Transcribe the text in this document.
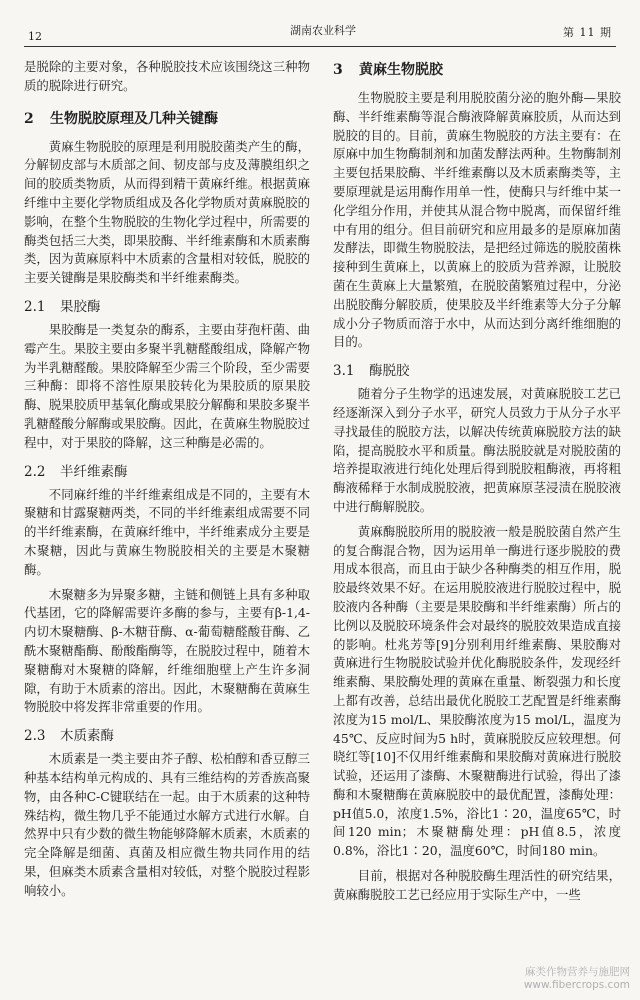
12	湖南农业科学	第 11 期

是脱除的主要对象，各种脱胶技术应该围绕这三种物质的脱除进行研究。

2 生物脱胶原理及几种关键酶

黄麻生物脱胶的原理是利用脱胶菌类产生的酶，分解韧皮部与木质部之间、韧皮部与皮及薄膜组织之间的胶质类物质，从而得到精干黄麻纤维。根据黄麻纤维中主要化学物质组成及各化学物质对黄麻脱胶的影响，在整个生物脱胶的生物化学过程中，所需要的酶类包括三大类，即果胶酶、半纤维素酶和木质素酶类，因为黄麻原料中木质素的含量相对较低，脱胶的主要关键酶是果胶酶类和半纤维素酶类。

2.1 果胶酶

果胶酶是一类复杂的酶系，主要由芽孢杆菌、曲霉产生。果胶主要由多聚半乳糖醛酸组成，降解产物为半乳糖醛酸。果胶降解至少需三个阶段，至少需要三种酶：即将不溶性原果胶转化为果胶质的原果胶酶、脱果胶质甲基氧化酶或果胶分解酶和果胶多聚半乳糖醛酸分解酶或果胶酶。因此，在黄麻生物脱胶过程中，对于果胶的降解，这三种酶是必需的。

2.2 半纤维素酶

不同麻纤维的半纤维素组成是不同的，主要有木聚糖和甘露聚糖两类，不同的半纤维素组成需要不同的半纤维素酶，在黄麻纤维中，半纤维素成分主要是木聚糖，因此与黄麻生物脱胶相关的主要是木聚糖酶。

木聚糖多为异聚多糖，主链和侧链上具有多种取代基团，它的降解需要许多酶的参与，主要有β-1,4-内切木聚糖酶、β-木糖苷酶、α-葡萄糖醛酸苷酶、乙酰木聚糖酯酶、酚酸酯酶等，在脱胶过程中，随着木聚糖酶对木聚糖的降解，纤维细胞壁上产生许多洞隙，有助于木质素的溶出。因此，木聚糖酶在黄麻生物脱胶中将发挥非常重要的作用。

2.3 木质素酶

木质素是一类主要由芥子醇、松柏醇和香豆醇三种基本结构单元构成的、具有三维结构的芳香族高聚物，由各种C-C键联结在一起。由于木质素的这种特殊结构，微生物几乎不能通过水解方式进行水解。自然界中只有少数的微生物能够降解木质素，木质素的完全降解是细菌、真菌及相应微生物共同作用的结果，但麻类木质素含量相对较低，对整个脱胶过程影响较小。

3 黄麻生物脱胶

生物脱胶主要是利用脱胶菌分泌的胞外酶—果胶酶、半纤维素酶等混合酶液降解黄麻胶质，从而达到脱胶的目的。目前，黄麻生物脱胶的方法主要有：在原麻中加生物酶制剂和加菌发酵法两种。生物酶制剂主要包括果胶酶、半纤维素酶以及木质素酶类等，主要原理就是运用酶作用单一性，使酶只与纤维中某一化学组分作用，并使其从混合物中脱离，而保留纤维中有用的组分。但目前研究和应用最多的是原麻加菌发酵法，即微生物脱胶法，是把经过筛选的脱胶菌株接种到生黄麻上，以黄麻上的胶质为营养源，让脱胶菌在生黄麻上大量繁殖，在脱胶菌繁殖过程中，分泌出脱胶酶分解胶质，使果胶及半纤维素等大分子分解成小分子物质而溶于水中，从而达到分离纤维细胞的目的。

3.1 酶脱胶

随着分子生物学的迅速发展，对黄麻脱胶工艺已经逐渐深入到分子水平，研究人员致力于从分子水平寻找最佳的脱胶方法，以解决传统黄麻脱胶方法的缺陷，提高脱胶水平和质量。酶法脱胶就是对脱胶菌的培养提取液进行纯化处理后得到脱胶粗酶液，再将粗酶液稀释于水制成脱胶液，把黄麻原茎浸渍在脱胶液中进行酶解脱胶。

黄麻酶脱胶所用的脱胶液一般是脱胶菌自然产生的复合酶混合物，因为运用单一酶进行逐步脱胶的费用成本很高，而且由于缺少各种酶类的相互作用，脱胶最终效果不好。在运用脱胶液进行脱胶过程中，脱胶液内各种酶（主要是果胶酶和半纤维素酶）所占的比例以及脱胶环境条件会对最终的脱胶效果造成直接的影响。杜兆芳等[9]分别利用纤维素酶、果胶酶对黄麻进行生物脱胶试验并优化酶脱胶条件，发现经纤维素酶、果胶酶处理的黄麻在重量、断裂强力和长度上都有改善，总结出最优化脱胶工艺配置是纤维素酶浓度为15 mol/L、果胶酶浓度为15 mol/L，温度为45℃、反应时间为5 h时，黄麻脱胶反应较理想。何晓红等[10]不仅用纤维素酶和果胶酶对黄麻进行脱胶试验，还运用了漆酶、木聚糖酶进行试验，得出了漆酶和木聚糖酶在黄麻脱胶中的最优配置，漆酶处理：pH值5.0，浓度1.5%，浴比1∶20，温度65℃，时间120 min；木聚糖酶处理：pH值8.5，浓度0.8%，浴比1∶20，温度60℃，时间180 min。

目前，根据对各种脱胶酶生理活性的研究结果，黄麻酶脱胶工艺已经应用于实际生产中，一些

麻类作物营养与施肥网
www.fibercrops.com
